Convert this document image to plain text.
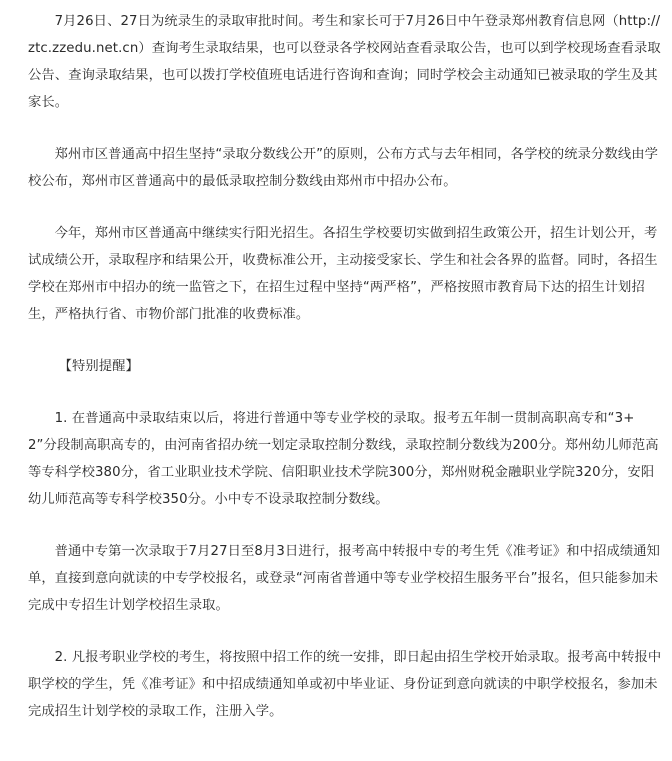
7月26日、27日为统录生的录取审批时间。考生和家长可于7月26日中午登录郑州教育信息网（http://ztc.zzedu.net.cn）查询考生录取结果，也可以登录各学校网站查看录取公告，也可以到学校现场查看录取公告、查询录取结果，也可以拨打学校值班电话进行咨询和查询；同时学校会主动通知已被录取的学生及其家长。

郑州市区普通高中招生坚持“录取分数线公开”的原则，公布方式与去年相同，各学校的统录分数线由学校公布，郑州市区普通高中的最低录取控制分数线由郑州市中招办公布。

今年，郑州市区普通高中继续实行阳光招生。各招生学校要切实做到招生政策公开，招生计划公开，考试成绩公开，录取程序和结果公开，收费标准公开，主动接受家长、学生和社会各界的监督。同时，各招生学校在郑州市中招办的统一监管之下，在招生过程中坚持“两严格”，严格按照市教育局下达的招生计划招生，严格执行省、市物价部门批准的收费标准。

【特别提醒】

1. 在普通高中录取结束以后，将进行普通中等专业学校的录取。报考五年制一贯制高职高专和“3+2”分段制高职高专的，由河南省招办统一划定录取控制分数线，录取控制分数线为200分。郑州幼儿师范高等专科学校380分，省工业职业技术学院、信阳职业技术学院300分，郑州财税金融职业学院320分，安阳幼儿师范高等专科学校350分。小中专不设录取控制分数线。

普通中专第一次录取于7月27日至8月3日进行，报考高中转报中专的考生凭《准考证》和中招成绩通知单，直接到意向就读的中专学校报名，或登录“河南省普通中等专业学校招生服务平台”报名，但只能参加未完成中专招生计划学校招生录取。

2. 凡报考职业学校的考生，将按照中招工作的统一安排，即日起由招生学校开始录取。报考高中转报中职学校的学生，凭《准考证》和中招成绩通知单或初中毕业证、身份证到意向就读的中职学校报名，参加未完成招生计划学校的录取工作，注册入学。
